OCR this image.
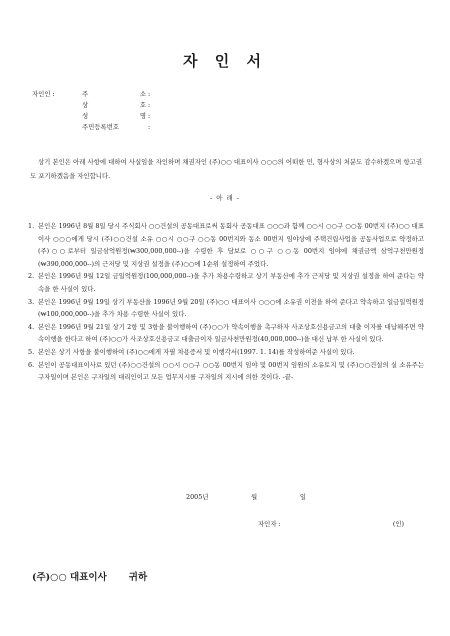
자 인 서
자인인 :	주 소 :
상 호 :
성 명 :
주민등록번호	:
상기 본인은 아래 사항에 대하여 사실임을 자인하며 채권자인 (주)○○ 대표이사 ○○○의 어떠한 민, 형사상의 처분도 감수하겠으며 항고권도 포기하겠음을 자인합니다.
- 아 래 -
1. 본인은 1996년 8월 8일 당시 주식회사 ○○건설의 공동대표로써 동회사 공동대표 ○○○과 함께 ○○시 ○○구 ○○동 00번지 (주)○○ 대표이사 ○○○에게 당시 (주)○○건설 소유 ○○시 ○○구 ○○동 00번지와 동소 00번지 임야상에 주택건립사업을 공동사업으로 약정하고 (주)○○로부터 일금삼억원정(₩300,000,000--)을 수령한 후 담보로 ○○구 ○○동 00번지 임야에 채권금액 삼억구천만원정(₩390,000,000--)의 근저당 및 지상권 설정을 (주)○○에 1순위 설정하여 주었다.
2. 본인은 1996년 9월 12일 금일억원정(100,000,000--)을 추가 차용수령하고 상기 부동산에 추가 근저당 및 지상권 설정을 하여 준다는 약속을 한 사실이 있다.
3. 본인은 1996년 9월 19일 상기 부동산을 1996년 9월 20일 (주)○○ 대표이사 ○○○에 소유권 이전을 하여 준다고 약속하고 일금일억원정(₩100,000,000--)을 추가 차용 수령한 사실이 있다.
4. 본인은 1996년 9월 21일 상기 2항 및 3항을 불이행하여 (주)○○가 약속이행을 촉구하자 사조상호신용금고의 대출 이자를 대납해주면 약속이행을 한다고 하여 (주)○○가 사조상호신용금고 대출금이자 일금사천만원정(40,000,000--)을 대신 납부 한 사실이 있다.
5. 본인은 상기 사항을 불이행하여 (주)○○에게 자필 차용증서 및 이행각서(1997. 1. 14)를 작성하여준 사실이 있다.
6. 본인이 공동대표이사로 있던 (주)○○건설의 ○○시 ○○구 ○○동 00번지 임야 및 00번지 임원의 소유토지 및 (주)○○건설의 실 소유주는 구자일이며 본인은 구자일의 대리인이고 모든 업무지시를 구자일의 지시에 의한 것이다. -끝-
2005년	월	일
자인자 :	(인)
(주)○○ 대표이사 귀하
